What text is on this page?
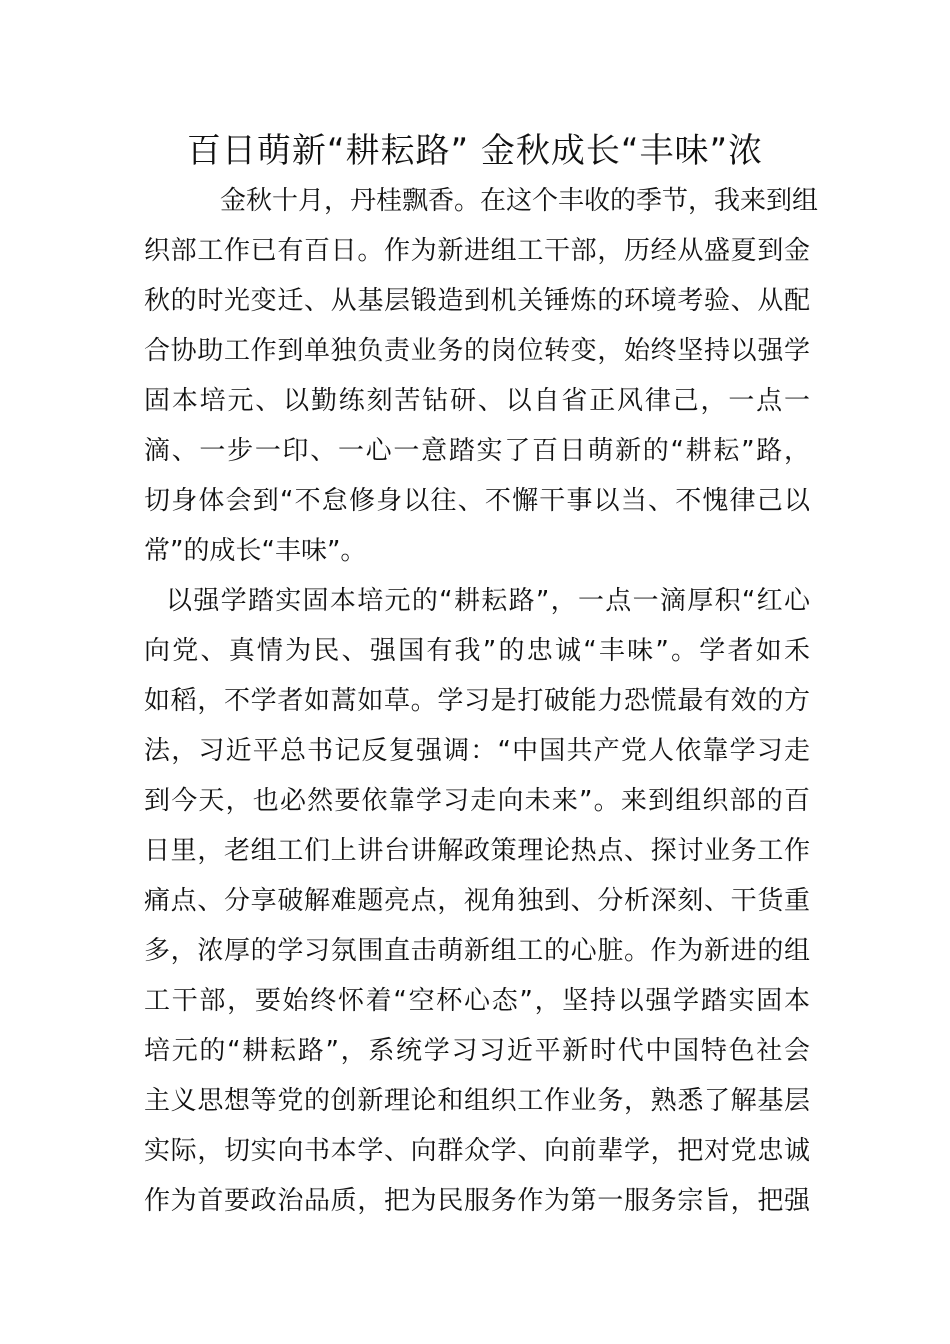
百日萌新“耕耘路” 金秋成长“丰味”浓
金秋十月，丹桂飘香。在这个丰收的季节，我来到组
织部工作已有百日。作为新进组工干部，历经从盛夏到金
秋的时光变迁、从基层锻造到机关锤炼的环境考验、从配
合协助工作到单独负责业务的岗位转变，始终坚持以强学
固本培元、以勤练刻苦钻研、以自省正风律己，一点一
滴、一步一印、一心一意踏实了百日萌新的“耕耘”路，
切身体会到“不怠修身以往、不懈干事以当、不愧律己以
常”的成长“丰味”。
以强学踏实固本培元的“耕耘路”，一点一滴厚积“红心
向党、真情为民、强国有我”的忠诚“丰味”。学者如禾
如稻，不学者如蒿如草。学习是打破能力恐慌最有效的方
法，习近平总书记反复强调：“中国共产党人依靠学习走
到今天，也必然要依靠学习走向未来”。来到组织部的百
日里，老组工们上讲台讲解政策理论热点、探讨业务工作
痛点、分享破解难题亮点，视角独到、分析深刻、干货重
多，浓厚的学习氛围直击萌新组工的心脏。作为新进的组
工干部，要始终怀着“空杯心态”，坚持以强学踏实固本
培元的“耕耘路”，系统学习习近平新时代中国特色社会
主义思想等党的创新理论和组织工作业务，熟悉了解基层
实际，切实向书本学、向群众学、向前辈学，把对党忠诚
作为首要政治品质，把为民服务作为第一服务宗旨，把强
